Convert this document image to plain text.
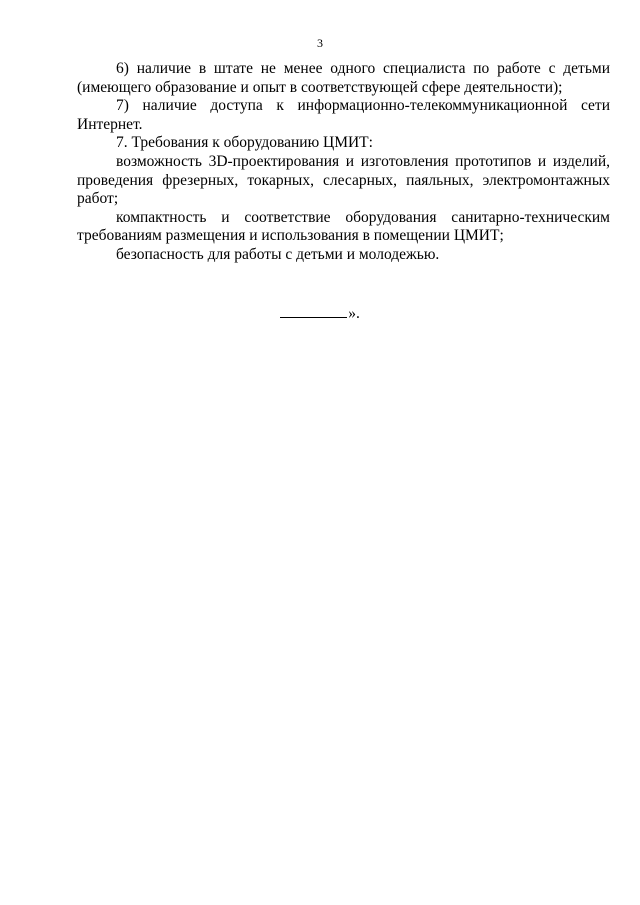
3

6) наличие в штате не менее одного специалиста по работе с детьми (имеющего образование и опыт в соответствующей сфере деятельности);

7) наличие доступа к информационно-телекоммуникационной сети Интернет.

7. Требования к оборудованию ЦМИТ:

возможность 3D-проектирования и изготовления прототипов и изделий, проведения фрезерных, токарных, слесарных, паяльных, электромонтажных работ;

компактность и соответствие оборудования санитарно-техническим требованиям размещения и использования в помещении ЦМИТ;

безопасность для работы с детьми и молодежью.

».
